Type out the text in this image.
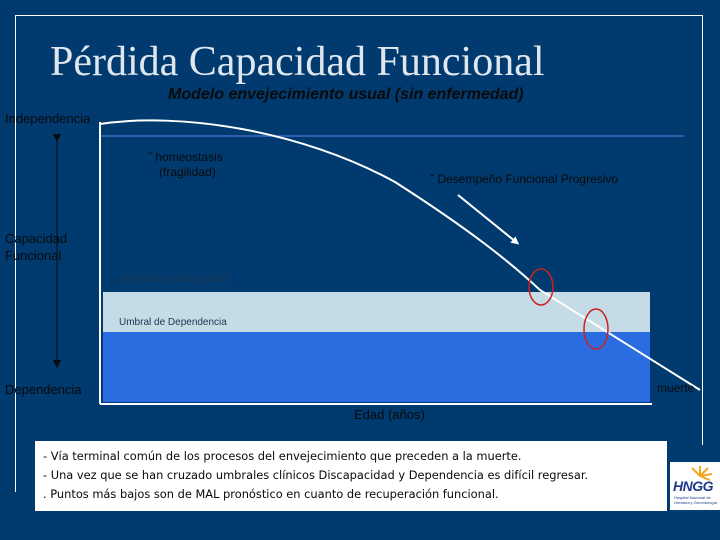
Pérdida Capacidad Funcional
Modelo envejecimiento usual (sin enfermedad)
Independencia
Capacidad
Funcional
Dependencia
ˇ homeostasis
(fragilidad)	ˇ Desempeño Funcional Progresivo
Umbral de Discapacidad
Umbral de Dependencia
muerte
Edad (años)
- Vía terminal común de los procesos del envejecimiento que preceden a la muerte.
- Una vez que se han cruzado umbrales clínicos Discapacidad y Dependencia es difícil regresar.
. Puntos más bajos son de MAL pronóstico en cuanto de recuperación funcional.	HNGG
Hospital Nacional de
Geriatría y Gerontología
